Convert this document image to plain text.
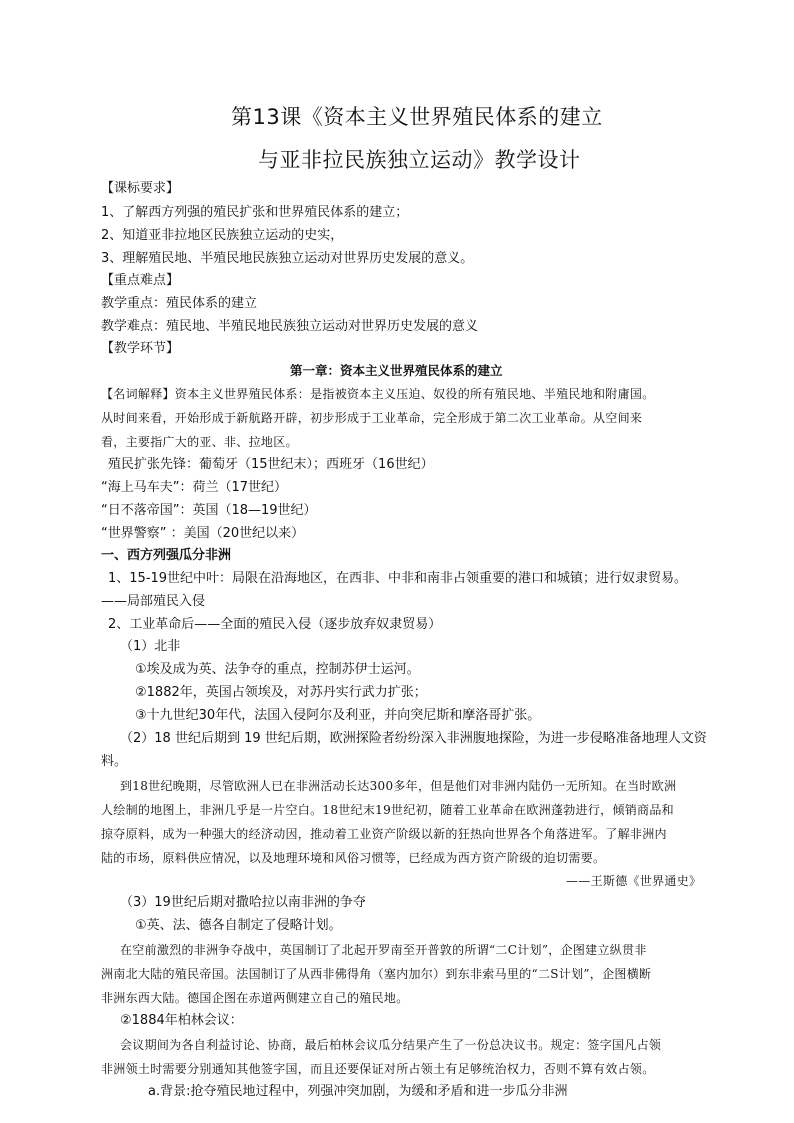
第13课《资本主义世界殖民体系的建立
与亚非拉民族独立运动》教学设计
【课标要求】
1、了解西方列强的殖民扩张和世界殖民体系的建立；
2、知道亚非拉地区民族独立运动的史实，
3、理解殖民地、半殖民地民族独立运动对世界历史发展的意义。
【重点难点】
教学重点：殖民体系的建立
教学难点：殖民地、半殖民地民族独立运动对世界历史发展的意义
【教学环节】
第一章：资本主义世界殖民体系的建立
【名词解释】资本主义世界殖民体系：是指被资本主义压迫、奴役的所有殖民地、半殖民地和附庸国。
从时间来看，开始形成于新航路开辟，初步形成于工业革命，完全形成于第二次工业革命。从空间来
看，主要指广大的亚、非、拉地区。
殖民扩张先锋：葡萄牙（15世纪末）；西班牙（16世纪）
“海上马车夫”：荷兰（17世纪）
“日不落帝国”：英国（18—19世纪）
“世界警察” ：美国（20世纪以来）
一、西方列强瓜分非洲
1、15-19世纪中叶：局限在沿海地区，在西非、中非和南非占领重要的港口和城镇；进行奴隶贸易。
——局部殖民入侵
2、工业革命后——全面的殖民入侵（逐步放弃奴隶贸易）
（1）北非
①埃及成为英、法争夺的重点，控制苏伊士运河。
②1882年，英国占领埃及，对苏丹实行武力扩张；
③十九世纪30年代，法国入侵阿尔及利亚，并向突尼斯和摩洛哥扩张。
（2）18 世纪后期到 19 世纪后期，欧洲探险者纷纷深入非洲腹地探险，为进一步侵略准备地理人文资
料。
到18世纪晚期，尽管欧洲人已在非洲活动长达300多年，但是他们对非洲内陆仍一无所知。在当时欧洲
人绘制的地图上，非洲几乎是一片空白。18世纪末19世纪初，随着工业革命在欧洲蓬勃进行，倾销商品和
掠夺原料，成为一种强大的经济动因，推动着工业资产阶级以新的狂热向世界各个角落进军。了解非洲内
陆的市场，原料供应情况，以及地理环境和风俗习惯等，已经成为西方资产阶级的迫切需要。
——王斯德《世界通史》
（3）19世纪后期对撒哈拉以南非洲的争夺
①英、法、德各自制定了侵略计划。
在空前激烈的非洲争夺战中，英国制订了北起开罗南至开普敦的所谓“二C计划”，企图建立纵贯非
洲南北大陆的殖民帝国。法国制订了从西非佛得角（塞内加尔）到东非索马里的“二S计划”，企图横断
非洲东西大陆。德国企图在赤道两侧建立自己的殖民地。
②1884年柏林会议：
会议期间为各自利益讨论、协商，最后柏林会议瓜分结果产生了一份总决议书。规定：签字国凡占领
非洲领土时需要分别通知其他签字国，而且还要保证对所占领土有足够统治权力，否则不算有效占领。
a.背景:抢夺殖民地过程中，列强冲突加剧，为缓和矛盾和进一步瓜分非洲
